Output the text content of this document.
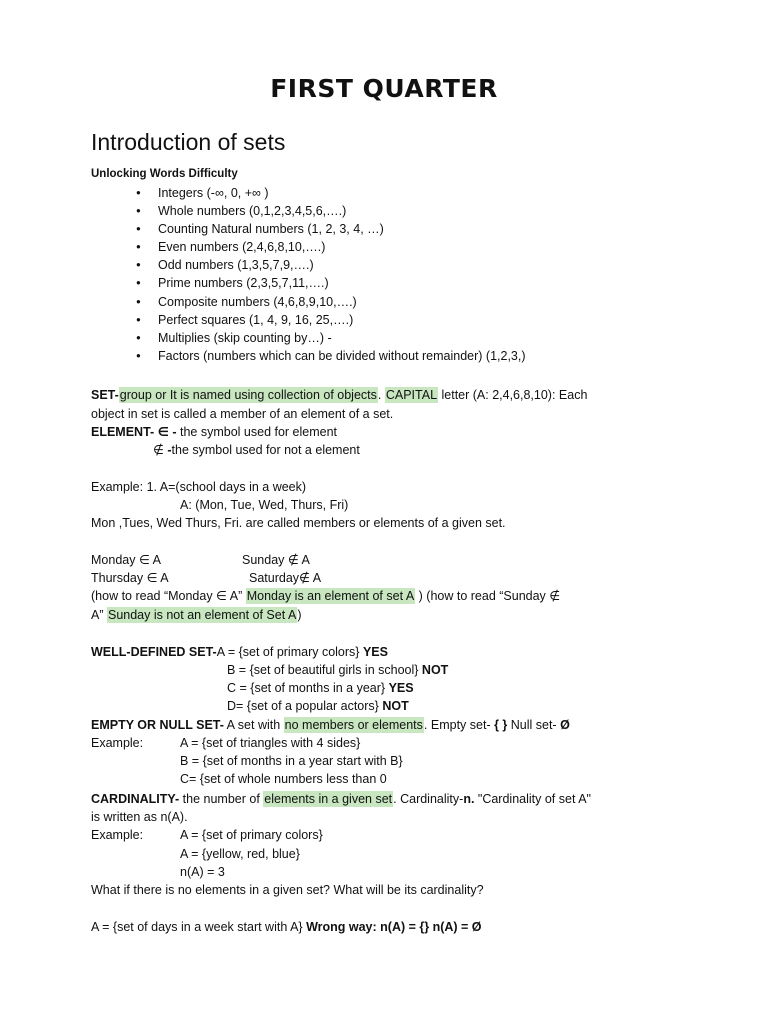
FIRST QUARTER
Introduction of sets
Unlocking Words Difficulty
● Integers (-∞, 0, +∞ )
● Whole numbers (0,1,2,3,4,5,6,….)
● Counting Natural numbers (1, 2, 3, 4, …)
● Even numbers (2,4,6,8,10,….)
● Odd numbers (1,3,5,7,9,….)
● Prime numbers (2,3,5,7,11,….)
● Composite numbers (4,6,8,9,10,….)
● Perfect squares (1, 4, 9, 16, 25,….)
● Multiplies (skip counting by…) -
● Factors (numbers which can be divided without remainder) (1,2,3,)
SET-group or It is named using collection of objects. CAPITAL letter (A: 2,4,6,8,10): Each
object in set is called a member of an element of a set.
ELEMENT- ∈ - the symbol used for element
∉ -the symbol used for not a element
Example: 1. A=(school days in a week)
A: (Mon, Tue, Wed, Thurs, Fri)
Mon ,Tues, Wed Thurs, Fri. are called members or elements of a given set.
Monday ∈ A	Sunday ∉ A
Thursday ∈ A	Saturday∉ A
(how to read “Monday ∈ A” Monday is an element of set A ) (how to read “Sunday ∉
A” Sunday is not an element of Set A)
WELL-DEFINED SET-A = {set of primary colors} YES
B = {set of beautiful girls in school} NOT
C = {set of months in a year} YES
D= {set of a popular actors} NOT
EMPTY OR NULL SET- A set with no members or elements. Empty set- { } Null set- Ø
Example:	A = {set of triangles with 4 sides}
B = {set of months in a year start with B}
C= {set of whole numbers less than 0
CARDINALITY- the number of elements in a given set. Cardinality-n. "Cardinality of set A"
is written as n(A).
Example:	A = {set of primary colors}
A = {yellow, red, blue}
n(A) = 3
What if there is no elements in a given set? What will be its cardinality?
A = {set of days in a week start with A} Wrong way: n(A) = {} n(A) = Ø
